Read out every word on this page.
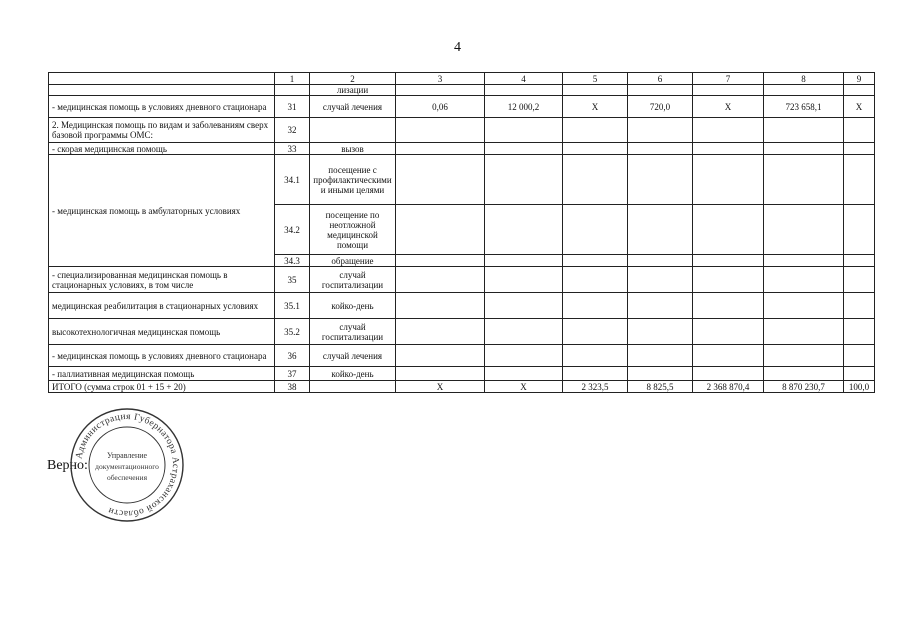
4
	1	2	3	4	5	6	7	8	9
		лизации							
- медицинская помощь в условиях дневного стационара	31	случай лечения	0,06	12 000,2	X	720,0	X	723 658,1	X
2. Медицинская помощь по видам и заболеваниям сверх базовой программы ОМС:	32								
- скорая медицинская помощь	33	вызов							
- медицинская помощь в амбулаторных условиях	34.1	посещение с профилактическими и иными целями							
	34.2	посещение по неотложной медицинской помощи							
	34.3	обращение							
- специализированная медицинская помощь в стационарных условиях, в том числе	35	случай госпитализации							
медицинская реабилитация в стационарных условиях	35.1	койко-день							
высокотехнологичная медицинская помощь	35.2	случай госпитализации							
- медицинская помощь в условиях дневного стационара	36	случай лечения							
- паллиативная медицинская помощь	37	койко-день							
ИТОГО (сумма строк 01 + 15 + 20)	38		X	X	2 323,5	8 825,5	2 368 870,4	8 870 230,7	100,0
Верно:
Администрация Губернатора Астраханской области
Управление
документационного
обеспечения
